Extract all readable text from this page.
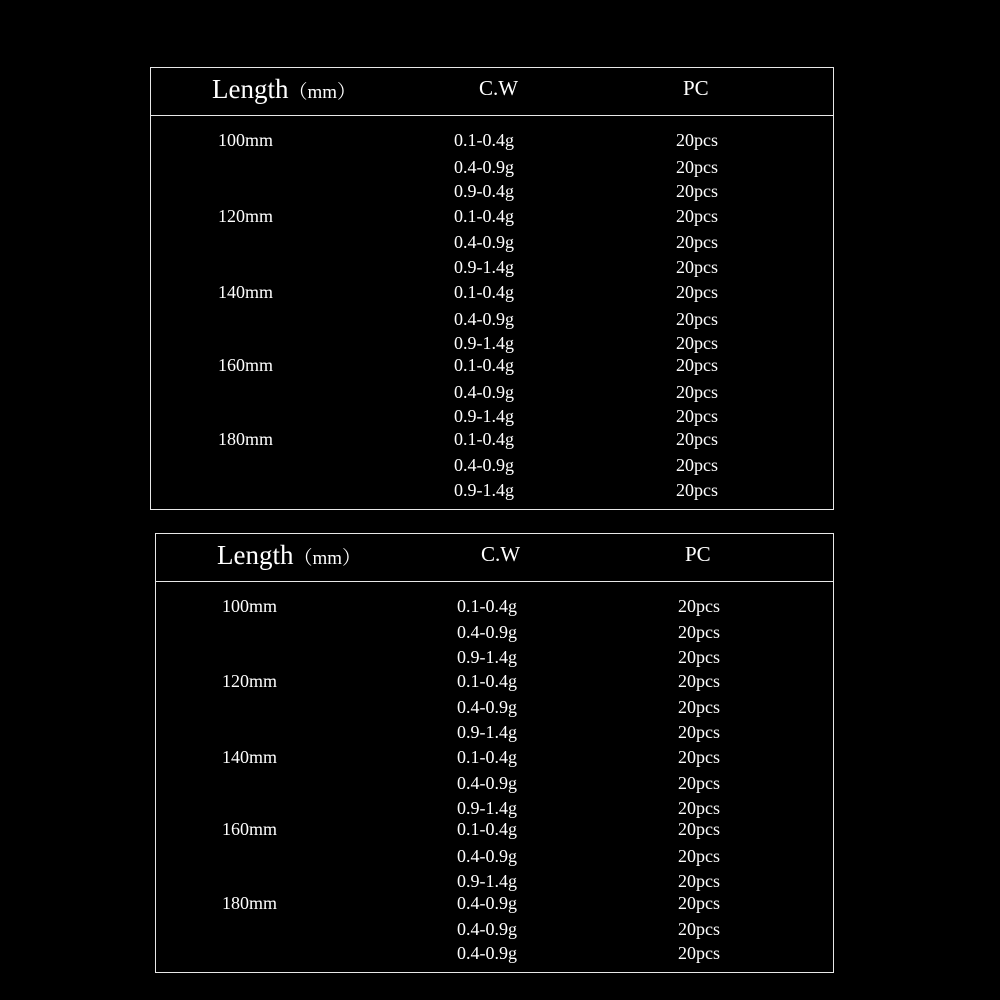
Length（mm）	C.W	PC
100mm	0.1-0.4g	20pcs
0.4-0.9g	20pcs
0.9-0.4g	20pcs
120mm	0.1-0.4g	20pcs
0.4-0.9g	20pcs
0.9-1.4g	20pcs
140mm	0.1-0.4g	20pcs
0.4-0.9g	20pcs
0.9-1.4g	20pcs
160mm	0.1-0.4g	20pcs
0.4-0.9g	20pcs
0.9-1.4g	20pcs
180mm	0.1-0.4g	20pcs
0.4-0.9g	20pcs
0.9-1.4g	20pcs
Length（mm）	C.W	PC
100mm	0.1-0.4g	20pcs
0.4-0.9g	20pcs
0.9-1.4g	20pcs
120mm	0.1-0.4g	20pcs
0.4-0.9g	20pcs
0.9-1.4g	20pcs
140mm	0.1-0.4g	20pcs
0.4-0.9g	20pcs
0.9-1.4g	20pcs
160mm	0.1-0.4g	20pcs
0.4-0.9g	20pcs
0.9-1.4g	20pcs
180mm	0.4-0.9g	20pcs
0.4-0.9g	20pcs
0.4-0.9g	20pcs
